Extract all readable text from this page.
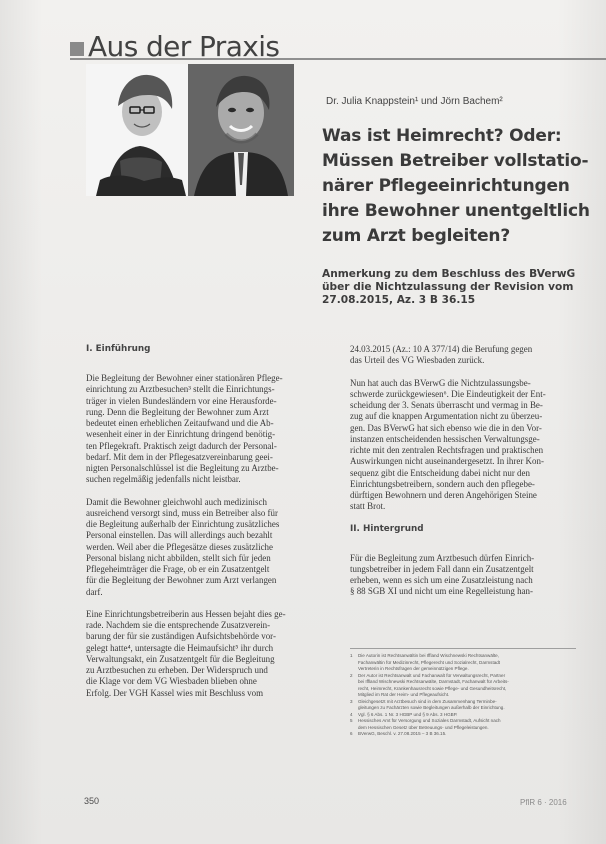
Aus der Praxis
Dr. Julia Knappstein¹ und Jörn Bachem²
Was ist Heimrecht? Oder:
Müssen Betreiber vollstatio-
närer Pflegeeinrichtungen
ihre Bewohner unentgeltlich
zum Arzt begleiten?
Anmerkung zu dem Beschluss des BVerwG
über die Nichtzulassung der Revision vom
27.08.2015, Az. 3 B 36.15
I. Einführung
Die Begleitung der Bewohner einer stationären Pflege-
einrichtung zu Arztbesuchen³ stellt die Einrichtungs-
träger in vielen Bundesländern vor eine Herausforde-
rung. Denn die Begleitung der Bewohner zum Arzt
bedeutet einen erheblichen Zeitaufwand und die Ab-
wesenheit einer in der Einrichtung dringend benötig-
ten Pflegekraft. Praktisch zeigt dadurch der Personal-
bedarf. Mit dem in der Pflegesatzvereinbarung geei-
nigten Personalschlüssel ist die Begleitung zu Arztbe-
suchen regelmäßig jedenfalls nicht leistbar.
Damit die Bewohner gleichwohl auch medizinisch
ausreichend versorgt sind, muss ein Betreiber also für
die Begleitung außerhalb der Einrichtung zusätzliches
Personal einstellen. Das will allerdings auch bezahlt
werden. Weil aber die Pflegesätze dieses zusätzliche
Personal bislang nicht abbilden, stellt sich für jeden
Pflegeheimträger die Frage, ob er ein Zusatzentgelt
für die Begleitung der Bewohner zum Arzt verlangen
darf.
Eine Einrichtungsbetreiberin aus Hessen bejaht dies ge-
rade. Nachdem sie die entsprechende Zusatzverein-
barung der für sie zuständigen Aufsichtsbehörde vor-
gelegt hatte⁴, untersagte die Heimaufsicht⁵ ihr durch
Verwaltungsakt, ein Zusatzentgelt für die Begleitung
zu Arztbesuchen zu erheben. Der Widerspruch und
die Klage vor dem VG Wiesbaden blieben ohne
Erfolg. Der VGH Kassel wies mit Beschluss vom
24.03.2015 (Az.: 10 A 377/14) die Berufung gegen
das Urteil des VG Wiesbaden zurück.
Nun hat auch das BVerwG die Nichtzulassungsbe-
schwerde zurückgewiesen⁶. Die Eindeutigkeit der Ent-
scheidung der 3. Senats überrascht und vermag in Be-
zug auf die knappen Argumentation nicht zu überzeu-
gen. Das BVerwG hat sich ebenso wie die in den Vor-
instanzen entscheidenden hessischen Verwaltungsge-
richte mit den zentralen Rechtsfragen und praktischen
Auswirkungen nicht auseinandergesetzt. In ihrer Kon-
sequenz gibt die Entscheidung dabei nicht nur den
Einrichtungsbetreibern, sondern auch den pflegebe-
dürftigen Bewohnern und deren Angehörigen Steine
statt Brot.
II. Hintergrund
Für die Begleitung zum Arztbesuch dürfen Einrich-
tungsbetreiber in jedem Fall dann ein Zusatzentgelt
erheben, wenn es sich um eine Zusatzleistung nach
§ 88 SGB XI und nicht um eine Regelleistung han-
1	Die Autorin ist Rechtsanwältin bei Iffland Wischnewski Rechtsanwälte,
Fachanwältin für Medizinrecht, Pflegerecht und Sozialrecht, Darmstadt
Vertreterin in Rechtsfragen der gemeinnützigen Pflege.
2	Der Autor ist Rechtsanwalt und Fachanwalt für Verwaltungsrecht, Partner
bei Iffland Wischnewski Rechtsanwälte, Darmstadt, Fachanwalt für Arbeits-
recht, Heimrecht, Krankenhausrecht sowie Pflege- und Gesundheitsrecht,
Mitglied im Rat der Heim- und Pflegeaufsicht.
3	Gleichgesetzt mit Arztbesuch sind in dem Zusammenhang Terminbe-
gleitungen zu Fachärzten sowie Begleitungen außerhalb der Einrichtung.
4	Vgl. § 6 Abs. 1 Nr. 3 HGBP und § 9 Abs. 3 HGBP.
5	Hessisches Amt für Versorgung und Soziales Darmstadt, Aufsicht nach
dem Hessischen Gesetz über Betreuungs- und Pflegeleistungen.
6	BVerwG, Beschl. v. 27.08.2015 – 3 B 36.15.
350	PflR 6 · 2016
